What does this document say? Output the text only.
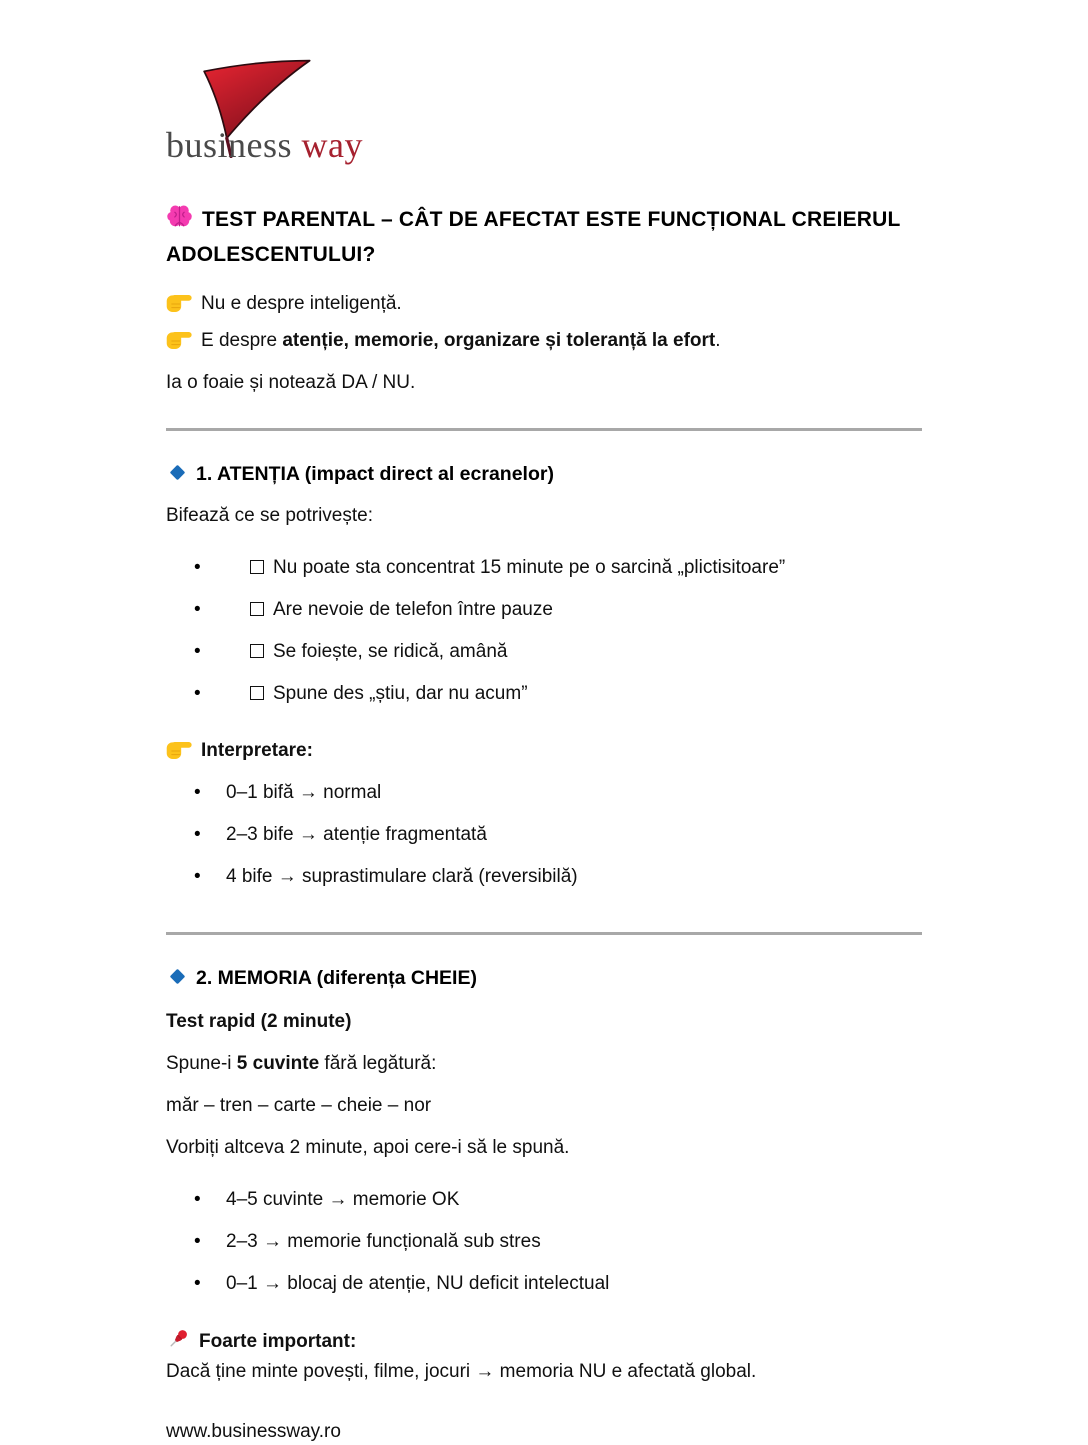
business way
TEST PARENTAL – CÂT DE AFECTAT ESTE FUNCȚIONAL CREIERUL ADOLESCENTULUI?

Nu e despre inteligență.

E despre atenție, memorie, organizare și toleranță la efort.

Ia o foaie și notează DA / NU.

1. ATENȚIA (impact direct al ecranelor)

Bifează ce se potrivește:

•	Nu poate sta concentrat 15 minute pe o sarcină „plictisitoare”
•	Are nevoie de telefon între pauze
•	Se foiește, se ridică, amână
•	Spune des „știu, dar nu acum”

Interpretare:

• 0–1 bifă → normal
• 2–3 bife → atenție fragmentată
• 4 bife → suprastimulare clară (reversibilă)
2. MEMORIA (diferența CHEIE)

Test rapid (2 minute)

Spune-i 5 cuvinte fără legătură:

măr – tren – carte – cheie – nor

Vorbiți altceva 2 minute, apoi cere-i să le spună.

• 4–5 cuvinte → memorie OK
• 2–3 → memorie funcțională sub stres
• 0–1 → blocaj de atenție, NU deficit intelectual

Foarte important:

Dacă ține minte povești, filme, jocuri → memoria NU e afectată global.

www.businessway.ro
